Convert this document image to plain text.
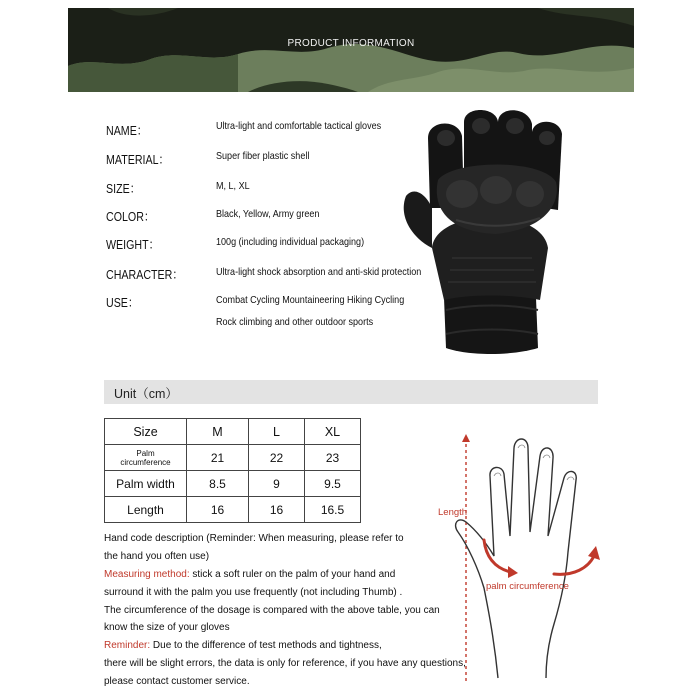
PRODUCT INFORMATION
NAME：	Ultra-light and comfortable tactical gloves
MATERIAL：	Super fiber plastic shell
SIZE：	M, L, XL
COLOR：	Black, Yellow, Army green
WEIGHT：	100g (including individual packaging)
CHARACTER：	Ultra-light shock absorption and anti-skid protection
USE：	Combat Cycling Mountaineering Hiking Cycling
Rock climbing and other outdoor sports
Unit（cm）
Size	M	L	XL

Palm
circumference	21	22	23
Palm width	8.5	9	9.5
Length	16	16	16.5
Hand code description (Reminder: When measuring, please refer to
the hand you often use)
Measuring method: stick a soft ruler on the palm of your hand and
surround it with the palm you use frequently (not including Thumb) .
The circumference of the dosage is compared with the above table, you can
know the size of your gloves
Reminder: Due to the difference of test methods and tightness,
there will be slight errors, the data is only for reference, if you have any questions,
please contact customer service.
Length
palm circumference
